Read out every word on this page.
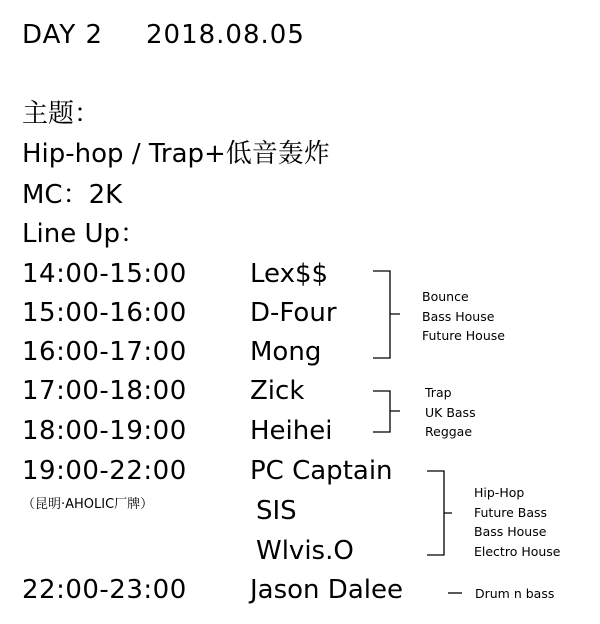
DAY 2 2018.08.05
主题：
Hip-hop / Trap+低音轰炸
MC：2K
Line Up：
14:00-15:00
15:00-16:00
16:00-17:00
17:00-18:00
18:00-19:00
19:00-22:00
（昆明·AHOLIC厂牌）
22:00-23:00
Lex$$
D-Four
Mong
Zick
Heihei
PC Captain
SIS
Wlvis.O
Jason Dalee
Bounce
Bass House
Future House
Trap
UK Bass
Reggae
Hip-Hop
Future Bass
Bass House
Electro House
Drum n bass
